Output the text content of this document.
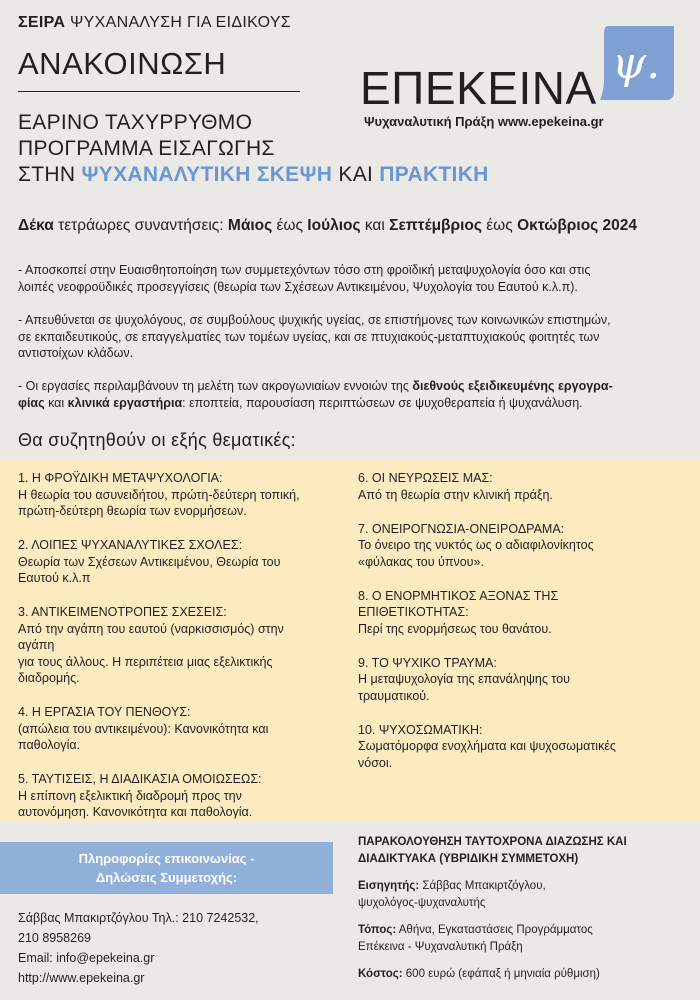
ΣΕΙΡΑ ΨΥΧΑΝΑΛΥΣΗ ΓΙΑ ΕΙΔΙΚΟΥΣ
ΑΝΑΚΟΙΝΩΣΗ
ΕΑΡΙΝΟ ΤΑΧΥΡΡΥΘΜΟ
ΠΡΟΓΡΑΜΜΑ ΕΙΣΑΓΩΓΗΣ
ΣΤΗΝ ΨΥΧΑΝΑΛΥΤΙΚΗ ΣΚΕΨΗ ΚΑΙ ΠΡΑΚΤΙΚΗ
ψ.
ΕΠΕΚΕΙΝΑ
Ψυχαναλυτική Πράξη www.epekeina.gr
Δέκα τετράωρες συναντήσεις: Μάιος έως Ιούλιος και Σεπτέμβριος έως Οκτώβριος 2024
- Αποσκοπεί στην Ευαισθητοποίηση των συμμετεχόντων τόσο στη φροϊδική μεταψυχολογία όσο και στις
λοιπές νεοφροϋδικές προσεγγίσεις (θεωρία των Σχέσεων Αντικειμένου, Ψυχολογία του Εαυτού κ.λ.π).
- Απευθύνεται σε ψυχολόγους, σε συμβούλους ψυχικής υγείας, σε επιστήμονες των κοινωνικών επιστημών,
σε εκπαιδευτικούς, σε επαγγελματίες των τομέων υγείας, και σε πτυχιακούς-μεταπτυχιακούς φοιτητές των
αντιστοίχων κλάδων.
- Οι εργασίες περιλαμβάνουν τη μελέτη των ακρογωνιαίων εννοιών της διεθνούς εξειδικευμένης εργογρα-
φίας και κλινικά εργαστήρια: εποπτεία, παρουσίαση περιπτώσεων σε ψυχοθεραπεία ή ψυχανάλυση.
Θα συζητηθούν οι εξής θεματικές:
1. Η ΦΡΟΫΔΙΚΗ ΜΕΤΑΨΥΧΟΛΟΓΙΑ:
Η θεωρία του ασυνειδήτου, πρώτη-δεύτερη τοπική,
πρώτη-δεύτερη θεωρία των ενορμήσεων.
2. ΛΟΙΠΕΣ ΨΥΧΑΝΑΛΥΤΙΚΕΣ ΣΧΟΛΕΣ:
Θεωρία των Σχέσεων Αντικειμένου, Θεωρία του
Εαυτού κ.λ.π
3. ΑΝΤΙΚΕΙΜΕΝΟΤΡΟΠΕΣ ΣΧΕΣΕΙΣ:
Από την αγάπη του εαυτού (ναρκισσισμός) στην
αγάπη
για τους άλλους. Η περιπέτεια μιας εξελικτικής
διαδρομής.
4. Η ΕΡΓΑΣΙΑ ΤΟΥ ΠΕΝΘΟΥΣ:
(απώλεια του αντικειμένου): Κανονικότητα και
παθολογία.
5. ΤΑΥΤΙΣΕΙΣ, Η ΔΙΑΔΙΚΑΣΙΑ ΟΜΟΙΩΣΕΩΣ:
Η επίπονη εξελικτική διαδρομή προς την
αυτονόμηση. Κανονικότητα και παθολογία.
6. ΟΙ ΝΕΥΡΩΣΕΙΣ ΜΑΣ:
Από τη θεωρία στην κλινική πράξη.
7. ΟΝΕΙΡΟΓΝΩΣΙΑ-ΟΝΕΙΡΟΔΡΑΜΑ:
Το όνειρο της νυκτός ως ο αδιαφιλονίκητος
«φύλακας του ύπνου».
8. Ο ΕΝΟΡΜΗΤΙΚΟΣ ΑΞΟΝΑΣ ΤΗΣ
ΕΠΙΘΕΤΙΚΟΤΗΤΑΣ:
Περί της ενορμήσεως του θανάτου.
9. ΤΟ ΨΥΧΙΚΟ ΤΡΑΥΜΑ:
Η μεταψυχολογία της επανάληψης του
τραυματικού.
10. ΨΥΧΟΣΩΜΑΤΙΚΗ:
Σωματόμορφα ενοχλήματα και ψυχοσωματικές
νόσοι.
Πληροφορίες επικοινωνίας -
Δηλώσεις Συμμετοχής:
Σάββας Μπακιρτζόγλου Τηλ.: 210 7242532,
210 8958269
Email: info@epekeina.gr
http://www.epekeina.gr
ΠΑΡΑΚΟΛΟΥΘΗΣΗ ΤΑΥΤΟΧΡΟΝΑ ΔΙΑΖΩΣΗΣ ΚΑΙ
ΔΙΑΔΙΚΤΥΑΚΑ (ΥΒΡΙΔΙΚΗ ΣΥΜΜΕΤΟΧΗ)
Εισηγητής: Σάββας Μπακιρτζόγλου,
ψυχολόγος-ψυχαναλυτής
Τόπος: Αθήνα, Εγκαταστάσεις Προγράμματος
Επέκεινα - Ψυχαναλυτική Πράξη
Κόστος: 600 ευρώ (εφάπαξ ή μηνιαία ρύθμιση)
